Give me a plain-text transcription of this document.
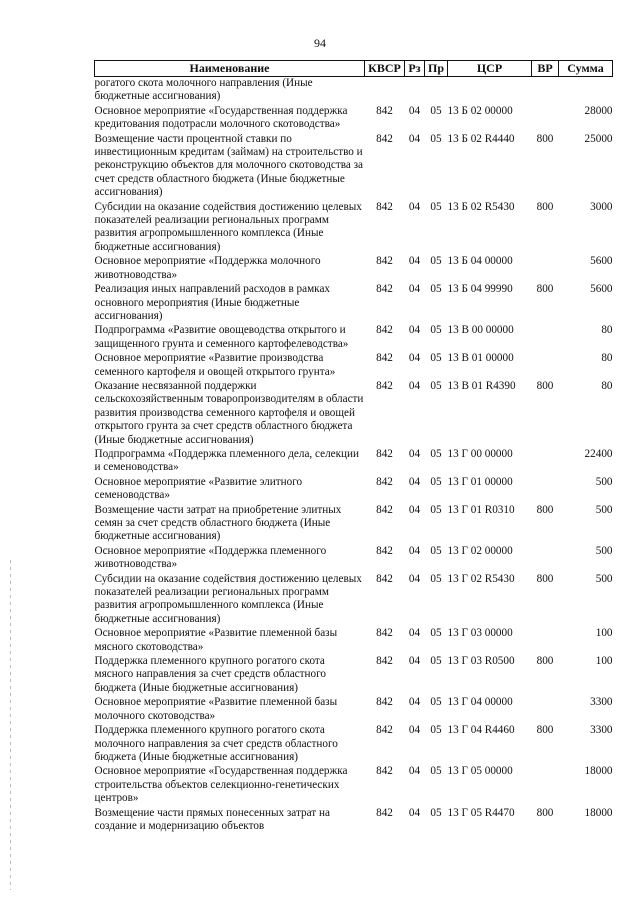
94
Наименование	КВСР	Рз	Пр	ЦСР	ВР	Сумма
рогатого скота молочного направления (Иные бюджетные ассигнования)						
Основное мероприятие «Государственная поддержка кредитования подотрасли молочного скотоводства»	842	04	05	13 Б 02 00000		28000
Возмещение части процентной ставки по инвестиционным кредитам (займам) на строительство и реконструкцию объектов для молочного скотоводства за счет средств областного бюджета (Иные бюджетные ассигнования)	842	04	05	13 Б 02 R4440	800	25000
Субсидии на оказание содействия достижению целевых показателей реализации региональных программ развития агропромышленного комплекса (Иные бюджетные ассигнования)	842	04	05	13 Б 02 R5430	800	3000
Основное мероприятие «Поддержка молочного животноводства»	842	04	05	13 Б 04 00000		5600
Реализация иных направлений расходов в рамках основного мероприятия (Иные бюджетные ассигнования)	842	04	05	13 Б 04 99990	800	5600
Подпрограмма «Развитие овощеводства открытого и защищенного грунта и семенного картофелеводства»	842	04	05	13 В 00 00000		80
Основное мероприятие «Развитие производства семенного картофеля и овощей открытого грунта»	842	04	05	13 В 01 00000		80
Оказание несвязанной поддержки сельскохозяйственным товаропроизводителям в области развития производства семенного картофеля и овощей открытого грунта за счет средств областного бюджета (Иные бюджетные ассигнования)	842	04	05	13 В 01 R4390	800	80
Подпрограмма «Поддержка племенного дела, селекции и семеноводства»	842	04	05	13 Г 00 00000		22400
Основное мероприятие «Развитие элитного семеноводства»	842	04	05	13 Г 01 00000		500
Возмещение части затрат на приобретение элитных семян за счет средств областного бюджета (Иные бюджетные ассигнования)	842	04	05	13 Г 01 R0310	800	500
Основное мероприятие «Поддержка племенного животноводства»	842	04	05	13 Г 02 00000		500
Субсидии на оказание содействия достижению целевых показателей реализации региональных программ развития агропромышленного комплекса (Иные бюджетные ассигнования)	842	04	05	13 Г 02 R5430	800	500
Основное мероприятие «Развитие племенной базы мясного скотоводства»	842	04	05	13 Г 03 00000		100
Поддержка племенного крупного рогатого скота мясного направления за счет средств областного бюджета (Иные бюджетные ассигнования)	842	04	05	13 Г 03 R0500	800	100
Основное мероприятие «Развитие племенной базы молочного скотоводства»	842	04	05	13 Г 04 00000		3300
Поддержка племенного крупного рогатого скота молочного направления за счет средств областного бюджета (Иные бюджетные ассигнования)	842	04	05	13 Г 04 R4460	800	3300
Основное мероприятие «Государственная поддержка строительства объектов селекционно-генетических центров»	842	04	05	13 Г 05 00000		18000
Возмещение части прямых понесенных затрат на создание и модернизацию объектов	842	04	05	13 Г 05 R4470	800	18000
